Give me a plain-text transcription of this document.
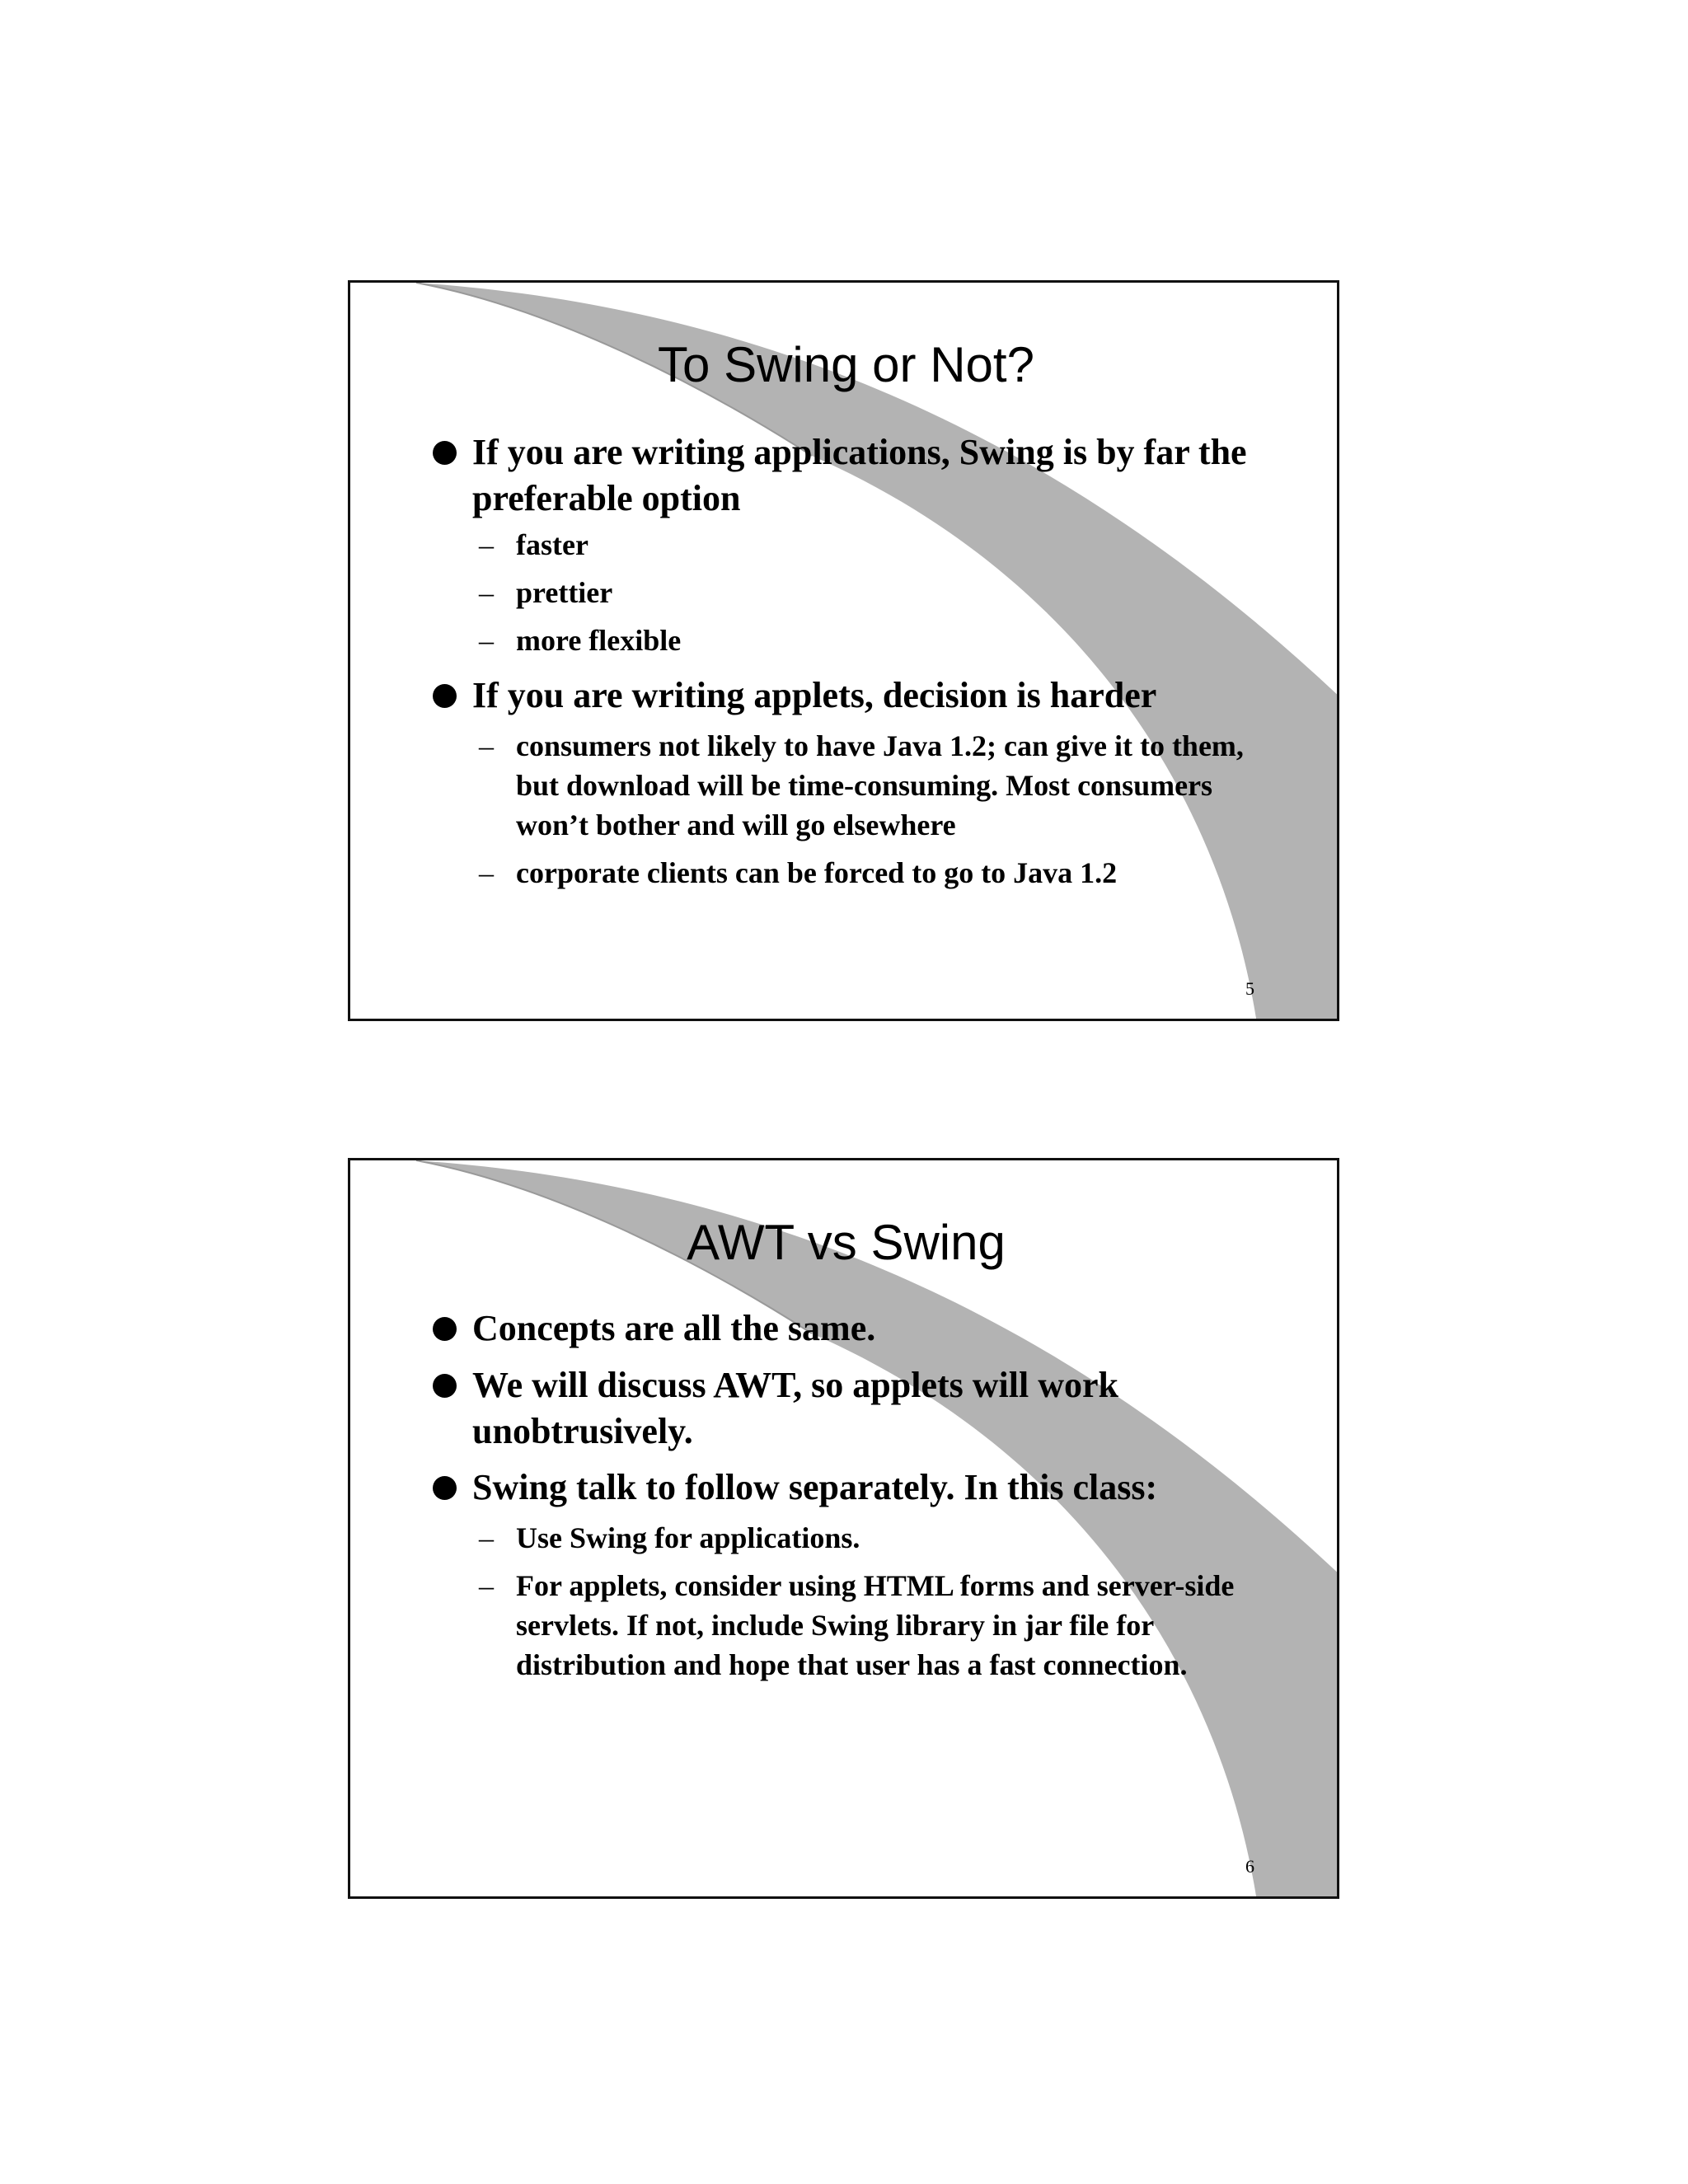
To Swing or Not?
If you are writing applications, Swing is by far the preferable option
– faster
– prettier
– more flexible
If you are writing applets, decision is harder
– consumers not likely to have Java 1.2; can give it to them, but download will be time-consuming. Most consumers won’t bother and will go elsewhere
– corporate clients can be forced to go to Java 1.2
5
AWT vs Swing
Concepts are all the same.
We will discuss AWT, so applets will work unobtrusively.
Swing talk to follow separately. In this class:
– Use Swing for applications.
– For applets, consider using HTML forms and server-side servlets. If not, include Swing library in jar file for distribution and hope that user has a fast connection.
6
